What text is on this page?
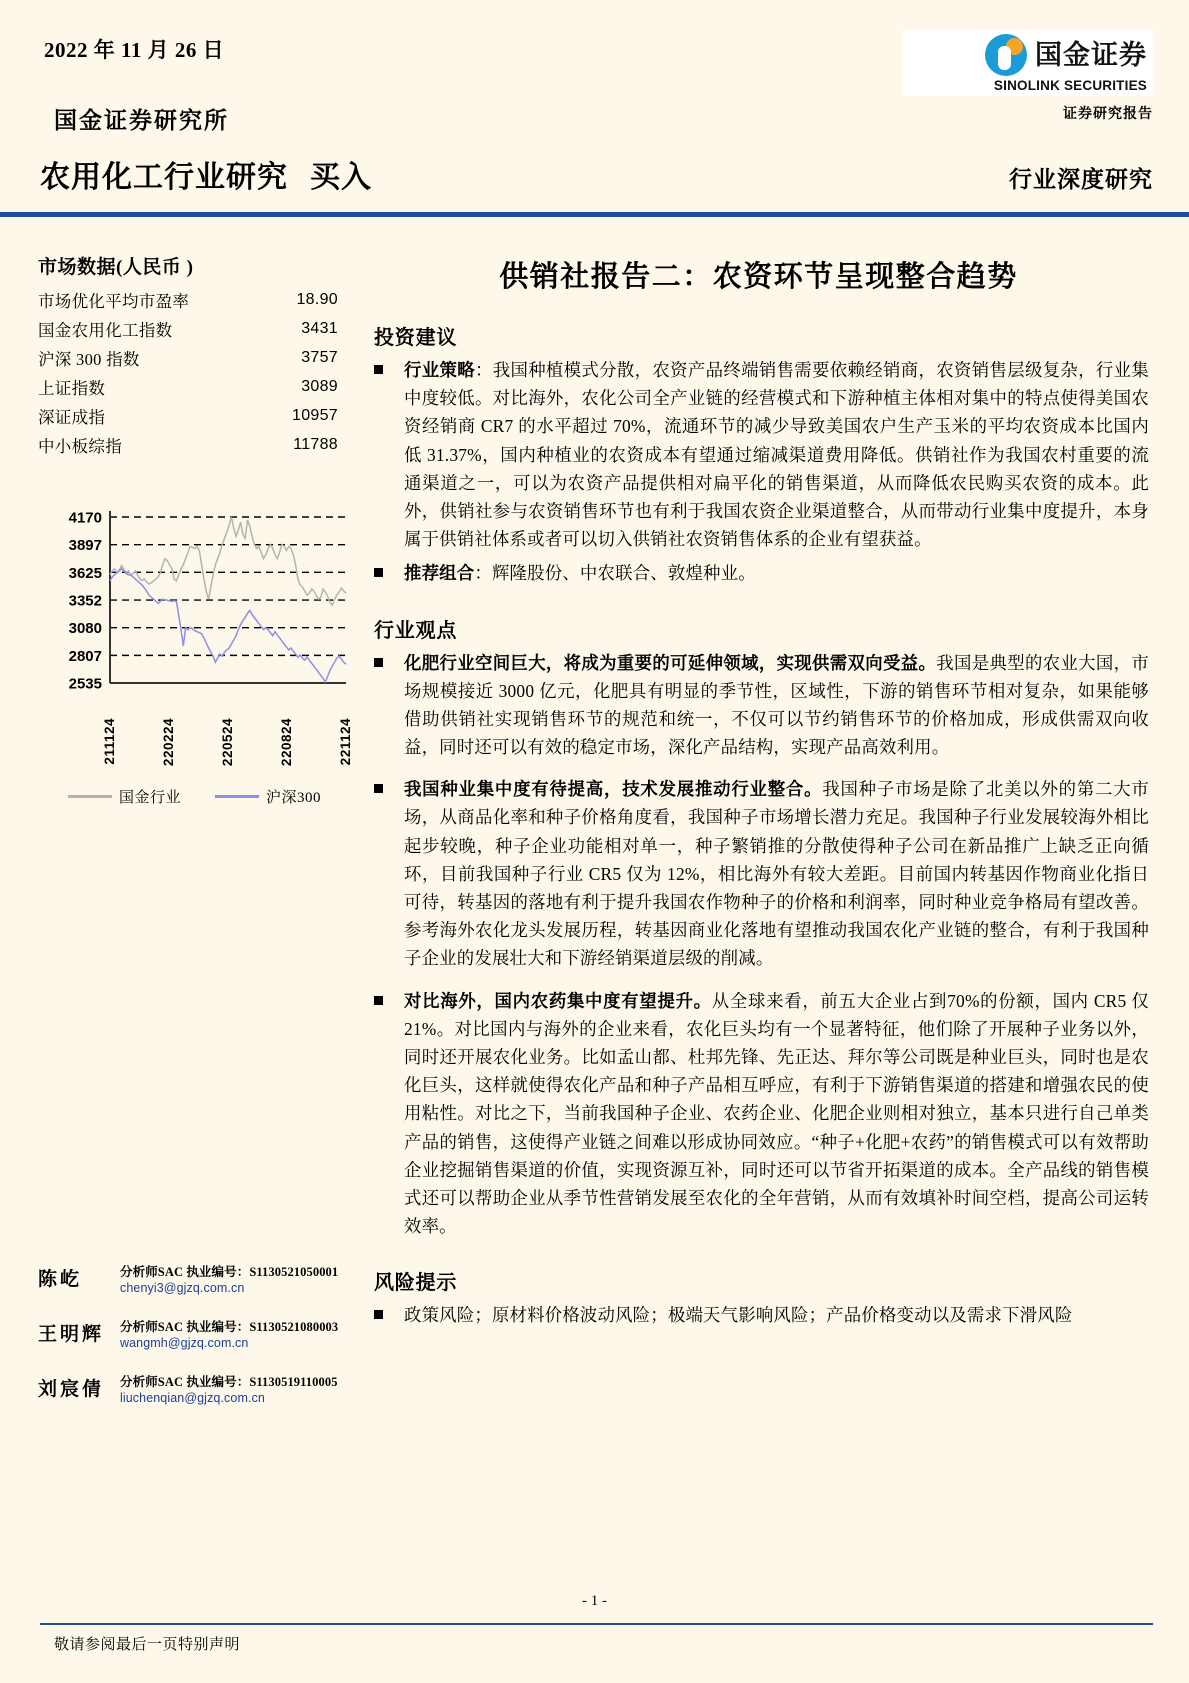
2022 年 11 月 26 日
国金证券研究所
国金证券
SINOLINK SECURITIES
证券研究报告
农用化工行业研究 买入	行业深度研究
市场数据(人民币 )
市场优化平均市盈率	18.90
国金农用化工指数	3431
沪深 300 指数	3757
上证指数	3089
深证成指	10957
中小板综指	11788
2535
2807
3080
3352
3625
3897
4170
211124	220224	220524	220824	221124
国金行业	沪深300
陈屹	分析师SAC 执业编号：S1130521050001
chenyi3@gjzq.com.cn
王明辉	分析师SAC 执业编号：S1130521080003
wangmh@gjzq.com.cn
刘宸倩	分析师SAC 执业编号：S1130519110005
liuchenqian@gjzq.com.cn
供销社报告二：农资环节呈现整合趋势
投资建议
行业策略：我国种植模式分散，农资产品终端销售需要依赖经销商，农资销售层级复杂，行业集中度较低。对比海外，农化公司全产业链的经营模式和下游种植主体相对集中的特点使得美国农资经销商 CR7 的水平超过 70%，流通环节的减少导致美国农户生产玉米的平均农资成本比国内低 31.37%，国内种植业的农资成本有望通过缩减渠道费用降低。供销社作为我国农村重要的流通渠道之一，可以为农资产品提供相对扁平化的销售渠道，从而降低农民购买农资的成本。此外，供销社参与农资销售环节也有利于我国农资企业渠道整合，从而带动行业集中度提升，本身属于供销社体系或者可以切入供销社农资销售体系的企业有望获益。
推荐组合：辉隆股份、中农联合、敦煌种业。
行业观点
化肥行业空间巨大，将成为重要的可延伸领域，实现供需双向受益。我国是典型的农业大国，市场规模接近 3000 亿元，化肥具有明显的季节性，区域性，下游的销售环节相对复杂，如果能够借助供销社实现销售环节的规范和统一，不仅可以节约销售环节的价格加成，形成供需双向收益，同时还可以有效的稳定市场，深化产品结构，实现产品高效利用。
我国种业集中度有待提高，技术发展推动行业整合。我国种子市场是除了北美以外的第二大市场，从商品化率和种子价格角度看，我国种子市场增长潜力充足。我国种子行业发展较海外相比起步较晚，种子企业功能相对单一，种子繁销推的分散使得种子公司在新品推广上缺乏正向循环，目前我国种子行业 CR5 仅为 12%，相比海外有较大差距。目前国内转基因作物商业化指日可待，转基因的落地有利于提升我国农作物种子的价格和利润率，同时种业竞争格局有望改善。参考海外农化龙头发展历程，转基因商业化落地有望推动我国农化产业链的整合，有利于我国种子企业的发展壮大和下游经销渠道层级的削减。
对比海外，国内农药集中度有望提升。从全球来看，前五大企业占到70%的份额，国内 CR5 仅 21%。对比国内与海外的企业来看，农化巨头均有一个显著特征，他们除了开展种子业务以外，同时还开展农化业务。比如孟山都、杜邦先锋、先正达、拜尔等公司既是种业巨头，同时也是农化巨头，这样就使得农化产品和种子产品相互呼应，有利于下游销售渠道的搭建和增强农民的使用粘性。对比之下，当前我国种子企业、农药企业、化肥企业则相对独立，基本只进行自己单类产品的销售，这使得产业链之间难以形成协同效应。“种子+化肥+农药”的销售模式可以有效帮助企业挖掘销售渠道的价值，实现资源互补，同时还可以节省开拓渠道的成本。全产品线的销售模式还可以帮助企业从季节性营销发展至农化的全年营销，从而有效填补时间空档，提高公司运转效率。
风险提示
政策风险；原材料价格波动风险；极端天气影响风险；产品价格变动以及需求下滑风险
- 1 -
敬请参阅最后一页特别声明
